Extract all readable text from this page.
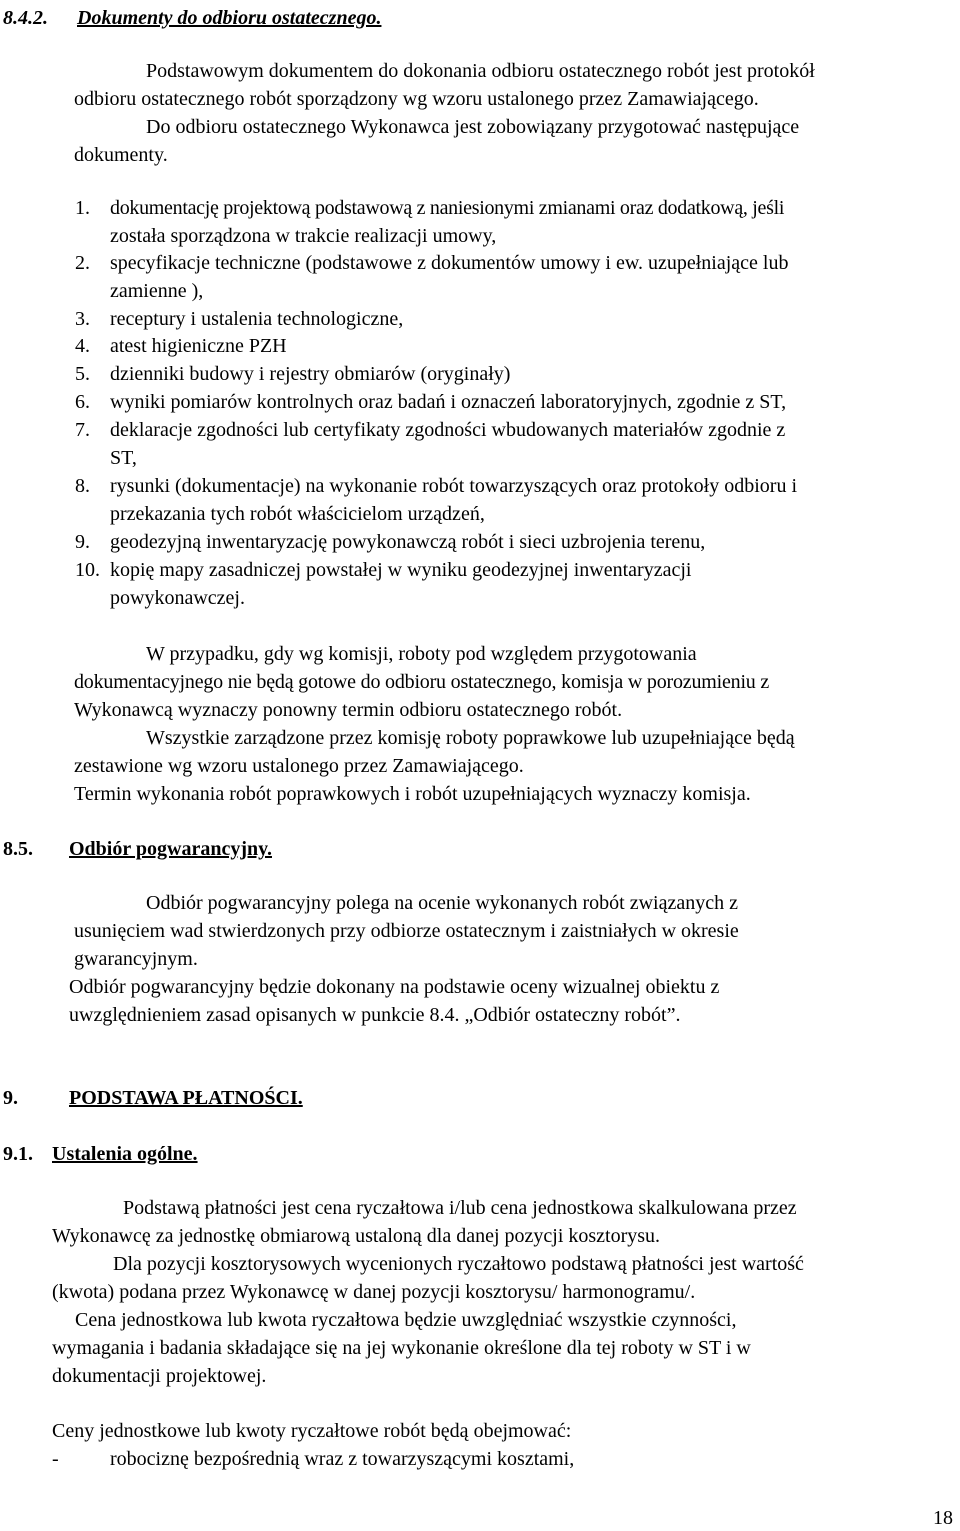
8.4.2. Dokumenty do odbioru ostatecznego.
Podstawowym dokumentem do dokonania odbioru ostatecznego robót jest protokół
odbioru ostatecznego robót sporządzony wg wzoru ustalonego przez Zamawiającego.
Do odbioru ostatecznego Wykonawca jest zobowiązany przygotować następujące
dokumenty.
1. dokumentację projektową podstawową z naniesionymi zmianami oraz dodatkową, jeśli
została sporządzona w trakcie realizacji umowy,
2. specyfikacje techniczne (podstawowe z dokumentów umowy i ew. uzupełniające lub
zamienne ),
3. receptury i ustalenia technologiczne,
4. atest higieniczne PZH
5. dzienniki budowy i rejestry obmiarów (oryginały)
6. wyniki pomiarów kontrolnych oraz badań i oznaczeń laboratoryjnych, zgodnie z ST,
7. deklaracje zgodności lub certyfikaty zgodności wbudowanych materiałów zgodnie z
ST,
8. rysunki (dokumentacje) na wykonanie robót towarzyszących oraz protokoły odbioru i
przekazania tych robót właścicielom urządzeń,
9. geodezyjną inwentaryzację powykonawczą robót i sieci uzbrojenia terenu,
10. kopię mapy zasadniczej powstałej w wyniku geodezyjnej inwentaryzacji
powykonawczej.
W przypadku, gdy wg komisji, roboty pod względem przygotowania
dokumentacyjnego nie będą gotowe do odbioru ostatecznego, komisja w porozumieniu z
Wykonawcą wyznaczy ponowny termin odbioru ostatecznego robót.
Wszystkie zarządzone przez komisję roboty poprawkowe lub uzupełniające będą
zestawione wg wzoru ustalonego przez Zamawiającego.
Termin wykonania robót poprawkowych i robót uzupełniających wyznaczy komisja.
8.5. Odbiór pogwarancyjny.
Odbiór pogwarancyjny polega na ocenie wykonanych robót związanych z
usunięciem wad stwierdzonych przy odbiorze ostatecznym i zaistniałych w okresie
gwarancyjnym.
Odbiór pogwarancyjny będzie dokonany na podstawie oceny wizualnej obiektu z
uwzględnieniem zasad opisanych w punkcie 8.4. „Odbiór ostateczny robót”.
9.	PODSTAWA PŁATNOŚCI.
9.1. Ustalenia ogólne.
Podstawą płatności jest cena ryczałtowa i/lub cena jednostkowa skalkulowana przez
Wykonawcę za jednostkę obmiarową ustaloną dla danej pozycji kosztorysu.
Dla pozycji kosztorysowych wycenionych ryczałtowo podstawą płatności jest wartość
(kwota) podana przez Wykonawcę w danej pozycji kosztorysu/ harmonogramu/.
Cena jednostkowa lub kwota ryczałtowa będzie uwzględniać wszystkie czynności,
wymagania i badania składające się na jej wykonanie określone dla tej roboty w ST i w
dokumentacji projektowej.
Ceny jednostkowe lub kwoty ryczałtowe robót będą obejmować:
-	robociznę bezpośrednią wraz z towarzyszącymi kosztami,
18
